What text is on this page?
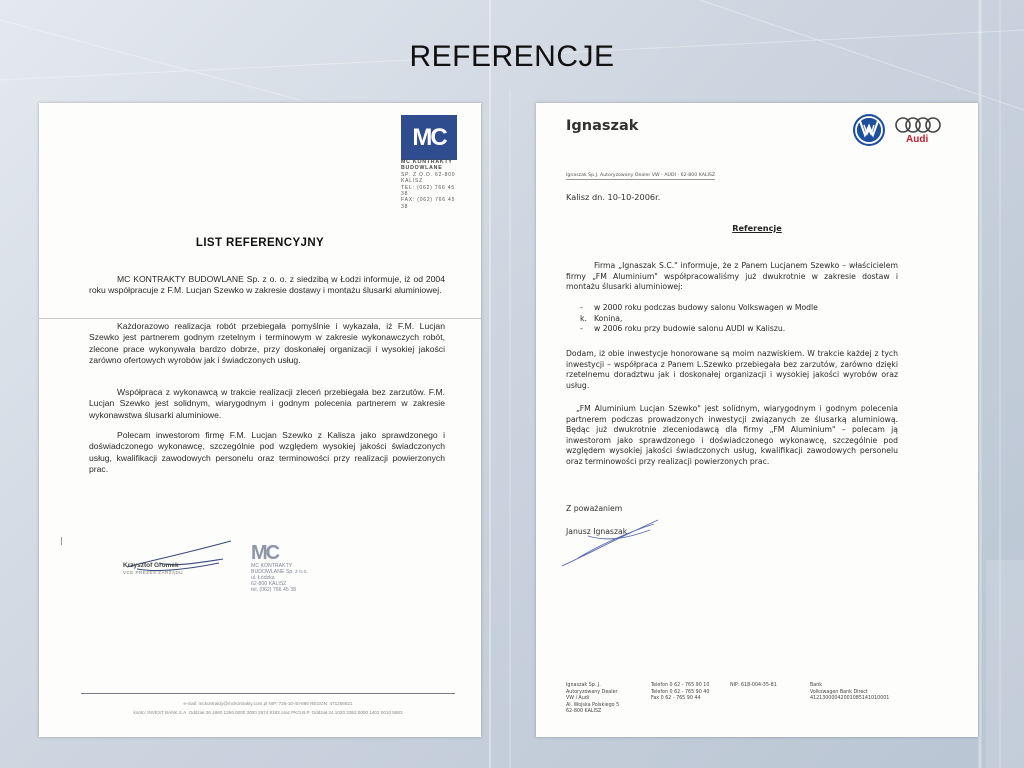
REFERENCJE
MC
MC KONTRAKTY
BUDOWLANE
SP. Z O.O. 62-800 KALISZ
TEL: (062) 766 45 38
FAX: (062) 766 45 38
LIST REFERENCYJNY
MC KONTRAKTY BUDOWLANE Sp. z o. o. z siedzibą w Łodzi informuje, iż od 2004 roku współpracuje z F.M. Lucjan Szewko w zakresie dostawy i montażu ślusarki aluminiowej.
Każdorazowo realizacja robót przebiegała pomyślnie i wykazała, iż F.M. Lucjan Szewko jest partnerem godnym rzetelnym i terminowym w zakresie wykonawczych robót, zlecone prace wykonywała bardzo dobrze, przy doskonałej organizacji i wysokiej jakości zarówno ofertowych wyrobów jak i świadczonych usług.
Współpraca z wykonawcą w trakcie realizacji zleceń przebiegała bez zarzutów. F.M. Lucjan Szewko jest solidnym, wiarygodnym i godnym polecenia partnerem w zakresie wykonawstwa ślusarki aluminiowe.
Polecam inwestorom firmę F.M. Lucjan Szewko z Kalisza jako sprawdzonego i doświadczonego wykonawcę, szczególnie pod względem wysokiej jakości świadczonych usług, kwalifikacji zawodowych personelu oraz terminowości przy realizacji powierzonych prac.
Krzysztof Gromek
VCE PREZES ZARZĄDU
MC
MC KONTRAKTY
BUDOWLANE Sp. z o.o.
ul. Łódzka
62-800 KALISZ
tel. (062) 766 45 38
e-mail: mckontrakty@mckontrakty.com.pl NIP: 726-10-40-886 REGON: 471256621
konto: INVEST BANK S.A. Oddział 36 1680 1266 0000 3000 2574 8183 oraz PKO B.P. Oddział 24 1020 3352 0000 1402 0010 5883
Ignaszak
Audi
Ignaszak Sp.J. Autoryzowany Dealer VW - AUDI - 62-800 KALISZ
Kalisz dn. 10-10-2006r.
Referencje
Firma „Ignaszak S.C." informuje, że z Panem Lucjanem Szewko – właścicielem firmy „FM Aluminium" współpracowaliśmy już dwukrotnie w zakresie dostaw i montażu ślusarki aluminiowej:
- w 2000 roku podczas budowy salonu Volkswagen w Modle
k. Konina,
- w 2006 roku przy budowie salonu AUDI w Kaliszu.
Dodam, iż obie inwestycje honorowane są moim nazwiskiem. W trakcie każdej z tych inwestycji – współpraca z Panem L.Szewko przebiegała bez zarzutów, zarówno dzięki rzetelnemu doradztwu jak i doskonałej organizacji i wysokiej jakości wyrobów oraz usług.
„FM Aluminium Lucjan Szewko" jest solidnym, wiarygodnym i godnym polecenia partnerem podczas prowadzonych inwestycji związanych ze ślusarką aluminiową. Będąc już dwukrotnie zleceniodawcą dla firmy „FM Aluminium" – polecam ją inwestorom jako sprawdzonego i doświadczonego wykonawcę, szczególnie pod względem wysokiej jakości świadczonych usług, kwalifikacji zawodowych personelu oraz terminowości przy realizacji powierzonych prac.
Z poważaniem
Janusz Ignaszak
Ignaszak Sp. J.
Autoryzowany Dealer
VW i Audi
Al. Wojska Polskiego 5
62-800 KALISZ
Telefon 0 62 - 765 90 10
Telefon 0 62 - 765 90 40
Fax 0 62 - 765 90 44
NIP: 618-004-35-81	Bank
Volkswagen Bank Direct
41213000042001085141010001
